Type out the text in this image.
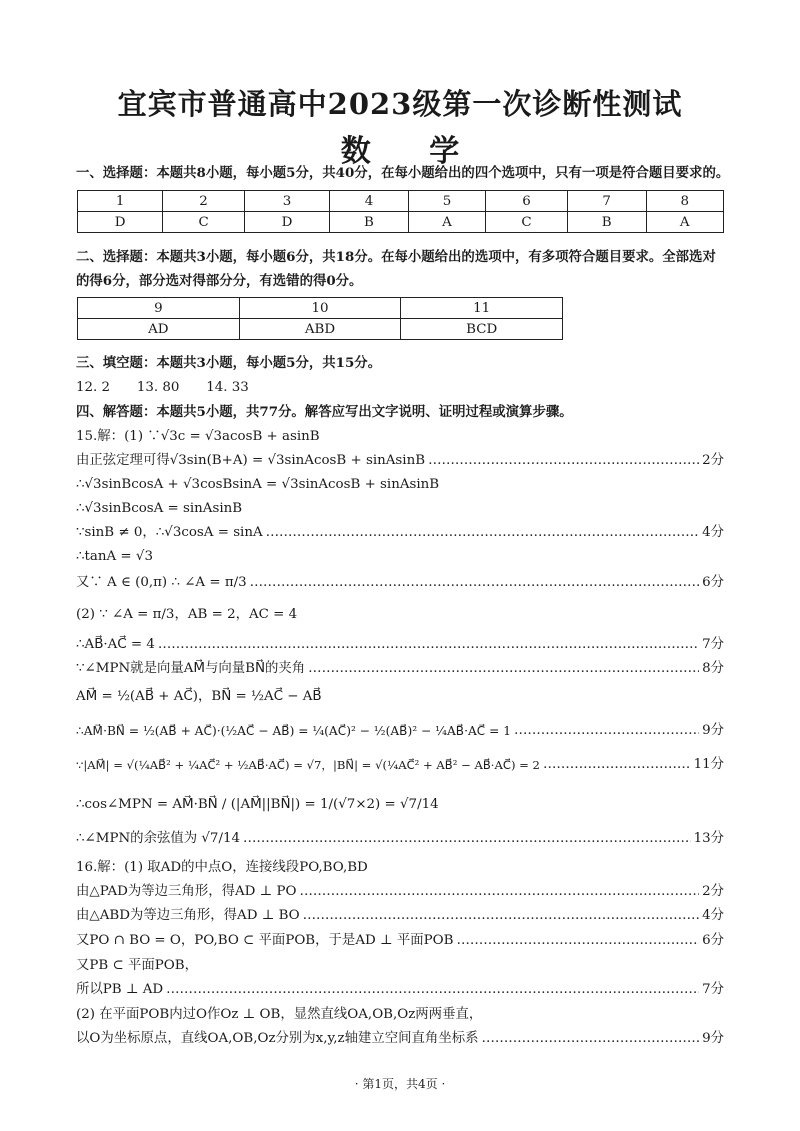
宜宾市普通高中2023级第一次诊断性测试
数 学
一、选择题：本题共8小题，每小题5分，共40分，在每小题给出的四个选项中，只有一项是符合题目要求的。
1	2	3	4	5	6	7	8
D	C	D	B	A	C	B	A
二、选择题：本题共3小题，每小题6分，共18分。在每小题给出的选项中，有多项符合题目要求。全部选对
的得6分，部分选对得部分分，有选错的得0分。
9	10	11
AD	ABD	BCD
三、填空题：本题共3小题，每小题5分，共15分。
12. 2　　13. 80　　14. 33
四、解答题：本题共5小题，共77分。解答应写出文字说明、证明过程或演算步骤。
15.解：(1) ∵√3c = √3acosB + asinB
由正弦定理可得√3sin(B+A) = √3sinAcosB + sinAsinB …………………………………………………………………………………………………………………………………………………………………………………………………………	2分
∴√3sinBcosA + √3cosBsinA = √3sinAcosB + sinAsinB
∴√3sinBcosA = sinAsinB
∵sinB ≠ 0，∴√3cosA = sinA …………………………………………………………………………………………………………………………………………………………………………………………………………	4分
∴tanA = √3
又∵ A ∈ (0,π) ∴ ∠A = π/3 …………………………………………………………………………………………………………………………………………………………………………………………………………	6分
(2) ∵ ∠A = π/3，AB = 2，AC = 4
∴AB⃗·AC⃗ = 4 …………………………………………………………………………………………………………………………………………………………………………………………………………	7分
∵∠MPN就是向量AM⃗与向量BN⃗的夹角 …………………………………………………………………………………………………………………………………………………………………………………………………………	8分
AM⃗ = ½(AB⃗ + AC⃗)，BN⃗ = ½AC⃗ − AB⃗
∴AM⃗·BN⃗ = ½(AB⃗ + AC⃗)·(½AC⃗ − AB⃗) = ¼(AC⃗)² − ½(AB⃗)² − ¼AB⃗·AC⃗ = 1 …………………………………………………………………………………………………………………………………………………………………………………………………………	9分
∵|AM⃗| = √(¼AB⃗² + ¼AC⃗² + ½AB⃗·AC⃗) = √7，|BN⃗| = √(¼AC⃗² + AB⃗² − AB⃗·AC⃗) = 2 …………………………………………………………………………………………………………………………………………………………………………………………………………	11分
∴cos∠MPN = AM⃗·BN⃗ / (|AM⃗||BN⃗|) = 1/(√7×2) = √7/14
∴∠MPN的余弦值为 √7/14 …………………………………………………………………………………………………………………………………………………………………………………………………………	13分
16.解：(1) 取AD的中点O，连接线段PO,BO,BD
由△PAD为等边三角形，得AD ⊥ PO …………………………………………………………………………………………………………………………………………………………………………………………………………	2分
由△ABD为等边三角形，得AD ⊥ BO …………………………………………………………………………………………………………………………………………………………………………………………………………	4分
又PO ∩ BO = O，PO,BO ⊂ 平面POB，于是AD ⊥ 平面POB …………………………………………………………………………………………………………………………………………………………………………………………………………	6分
又PB ⊂ 平面POB，
所以PB ⊥ AD …………………………………………………………………………………………………………………………………………………………………………………………………………	7分
(2) 在平面POB内过O作Oz ⊥ OB，显然直线OA,OB,Oz两两垂直，
以O为坐标原点，直线OA,OB,Oz分别为x,y,z轴建立空间直角坐标系 …………………………………………………………………………………………………………………………………………………………………………………………………………	9分
· 第1页，共4页 ·
